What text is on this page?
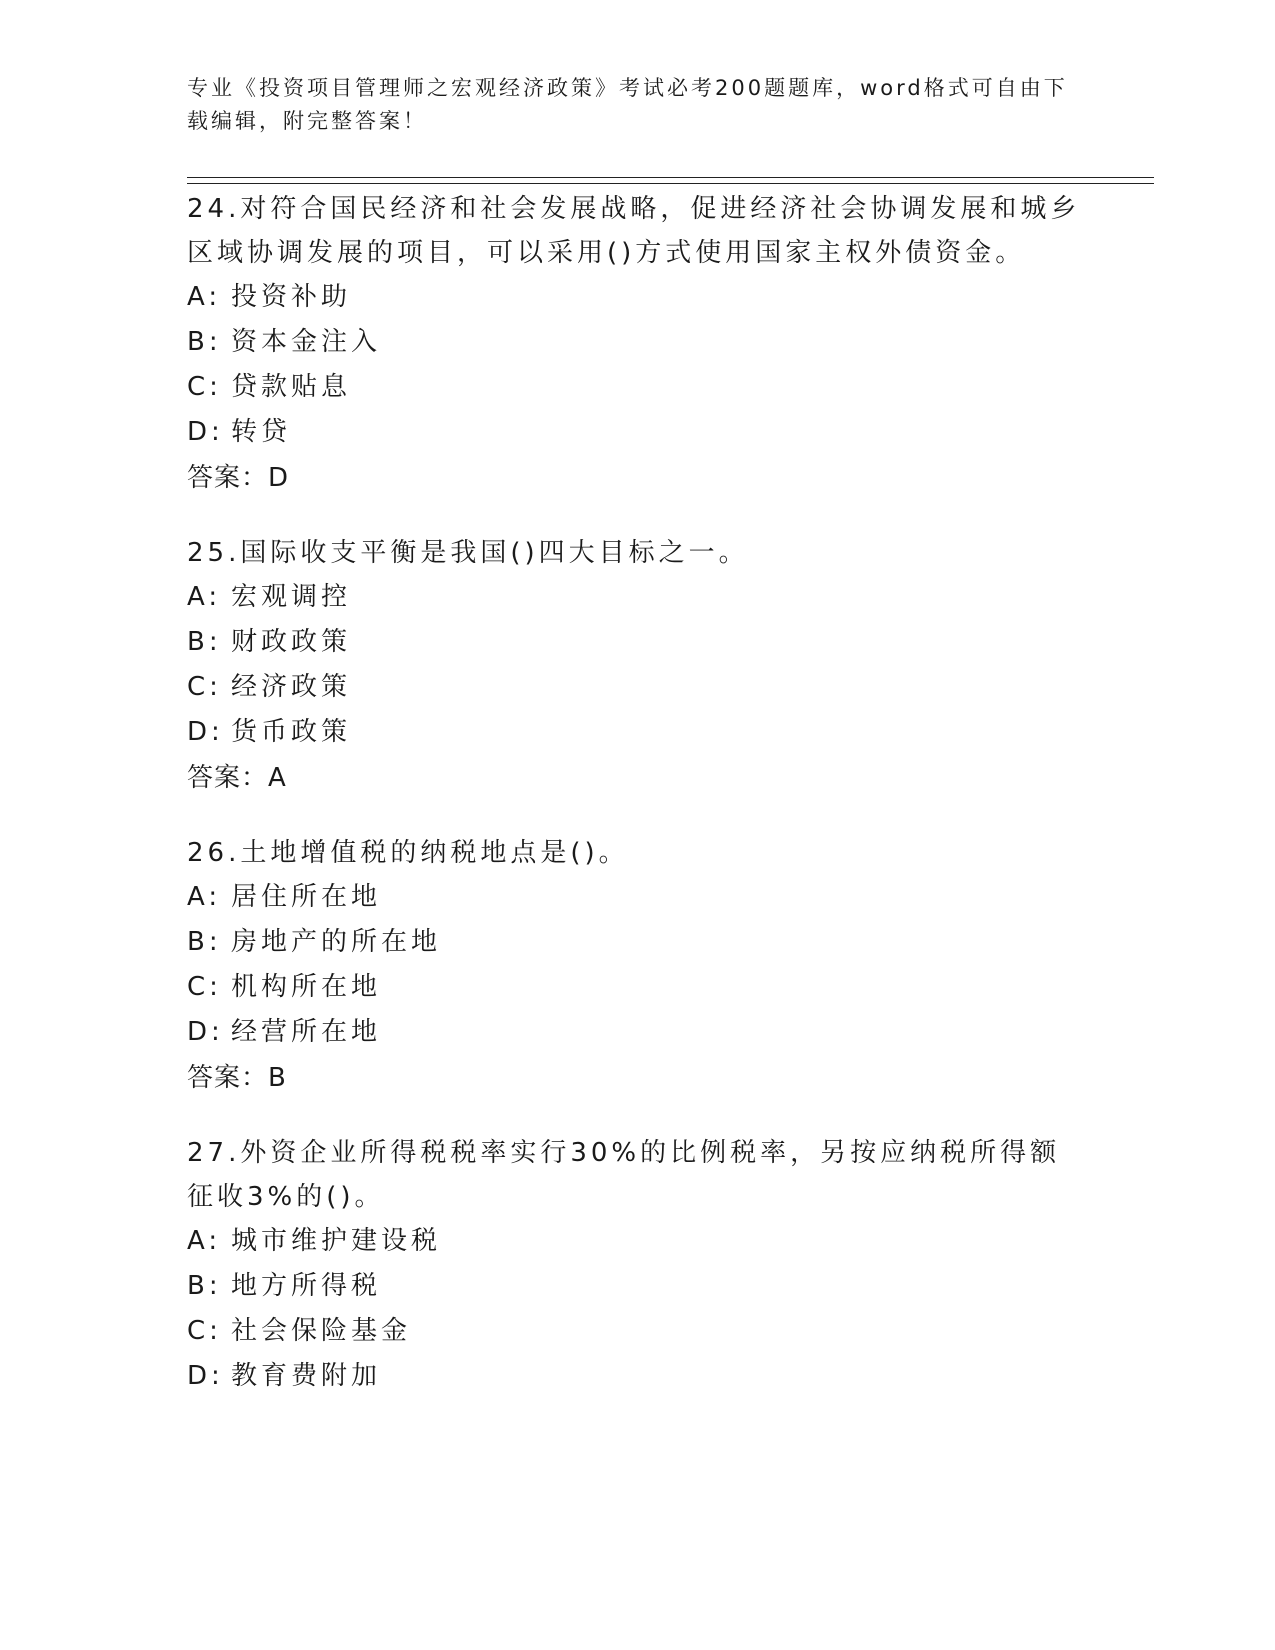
专业《投资项目管理师之宏观经济政策》考试必考200题题库，word格式可自由下载编辑，附完整答案！

24.对符合国民经济和社会发展战略，促进经济社会协调发展和城乡区域协调发展的项目，可以采用()方式使用国家主权外债资金。

A: 投资补助
B: 资本金注入
C: 贷款贴息
D: 转贷
答案：D

25.国际收支平衡是我国()四大目标之一。

A: 宏观调控
B: 财政政策
C: 经济政策
D: 货币政策
答案：A

26.土地增值税的纳税地点是()。

A: 居住所在地
B: 房地产的所在地
C: 机构所在地
D: 经营所在地
答案：B

27.外资企业所得税税率实行30%的比例税率，另按应纳税所得额征收3%的()。

A: 城市维护建设税
B: 地方所得税
C: 社会保险基金
D: 教育费附加
